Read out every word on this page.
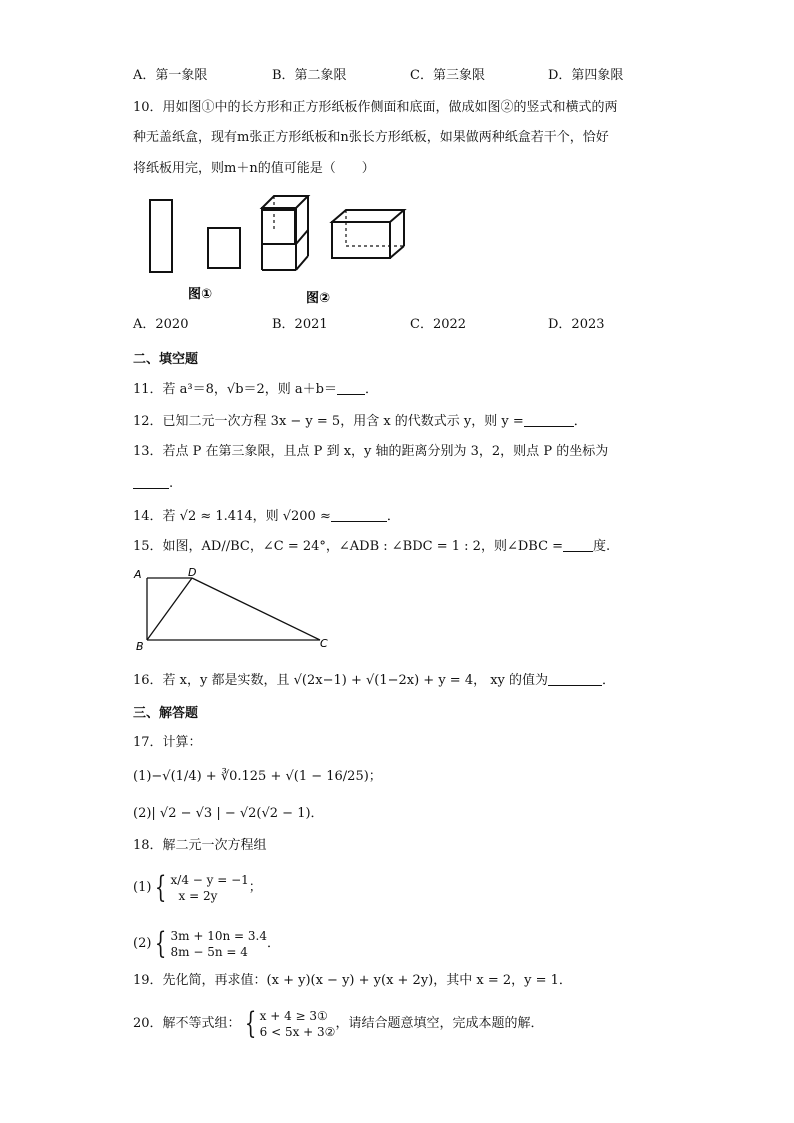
A．第一象限	B．第二象限	C．第三象限	D．第四象限
10．用如图①中的长方形和正方形纸板作侧面和底面，做成如图②的竖式和横式的两
种无盖纸盒，现有m张正方形纸板和n张长方形纸板，如果做两种纸盒若干个，恰好
将纸板用完，则m＋n的值可能是（　　）
图①	图②
A．2020	B．2021	C．2022	D．2023
二、填空题
11．若 a³＝8，√b＝2，则 a＋b＝ ．
12．已知二元一次方程 3x − y = 5，用含 x 的代数式示 y，则 y =	．
13．若点 P 在第三象限，且点 P 到 x，y 轴的距离分别为 3，2，则点 P 的坐标为
.
14．若 √2 ≈ 1.414，则 √200 ≈	．
15．如图，AD//BC，∠C = 24°，∠ADB : ∠BDC = 1 : 2，则∠DBC = 度.
A	D
B	C
16．若 x，y 都是实数，且 √(2x−1) + √(1−2x) + y = 4， xy 的值为	．
三、解答题
17．计算：
(1)−√(1/4) + ∛0.125 + √(1 − 16/25)；
(2)| √2 − √3 | − √2(√2 − 1)．
18．解二元一次方程组
(1) { x/4 − y = −1
x = 2y
；
(2) { 3m + 10n = 3.4
8m − 5n = 4
．
19．先化简，再求值：(x + y)(x − y) + y(x + 2y)，其中 x = 2，y = 1．
20．解不等式组： { x + 4 ≥ 3①
6 < 5x + 3②
，请结合题意填空，完成本题的解．
